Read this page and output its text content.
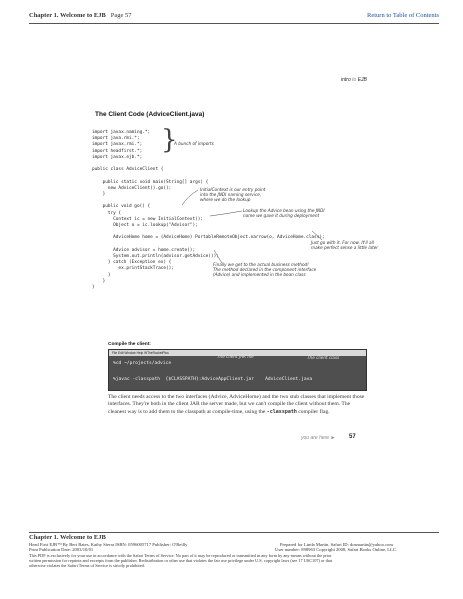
Chapter 1. Welcome to EJB Page 57	Return to Table of Contents
intro to EJB
The Client Code (AdviceClient.java)
import javax.naming.*;
import java.rmi.*;
import javax.rmi.*;
import headfirst.*;
import javax.ejb.*;
public class AdviceClient {
public static void main(String[] args) {
new AdviceClient().go();
}
public void go() {
try {
Context ic = new InitialContext();
Object o = ic.lookup("Advisor");
AdviceHome home = (AdviceHome) PortableRemoteObject.narrow(o, AdviceHome.class);
Advice advisor = home.create();
System.out.println(advisor.getAdvice());
} catch (Exception ex) {
ex.printStackTrace();
}
}
}
}
A bunch of imports
InitialContext is our entry point
into the JNDI naming service,
where we do the lookup
Lookup the Advice bean using the JNDI
name we gave it during deployment
Just go with it. For now. It'll all
make perfect sense a little later
Finally we get to the actual business method!
The method declared in the component interface
(Advice) and implemented in the bean class
Compile the client:
File Edit Window Help WTheRocketPlus
%cd ~/projects/advice
%javac -classpath  {$CLASSPATH}:AdviceAppClient.jar    AdviceClient.java
The client JAR file	The client class
The client needs access to the two interfaces (Advice, AdviceHome) and the two stub classes that implement those interfaces. They're both in the client JAR the server made, but we can't compile the client without them. The cleanest way is to add them to the classpath at compile-time, using the -classpath compiler flag.
you are here ► 57
Chapter 1. Welcome to EJB
Head First EJB™ By Bert Bates, Kathy Sierra ISBN: 0596005717 Publisher: O'Reilly
Print Publication Date: 2003/10/01
Prepared for Linda Martin, Safari ID: dosmartin@yahoo.com
User number: 898963 Copyright 2008, Safari Books Online, LLC.
This PDF is exclusively for your use in accordance with the Safari Terms of Service. No part of it may be reproduced or transmitted in any form by any means without the prior
written permission for reprints and excerpts from the publisher. Redistribution or other use that violates the fair use privilege under U.S. copyright laws (see 17 USC107) or that
otherwise violates the Safari Terms of Service is strictly prohibited.
